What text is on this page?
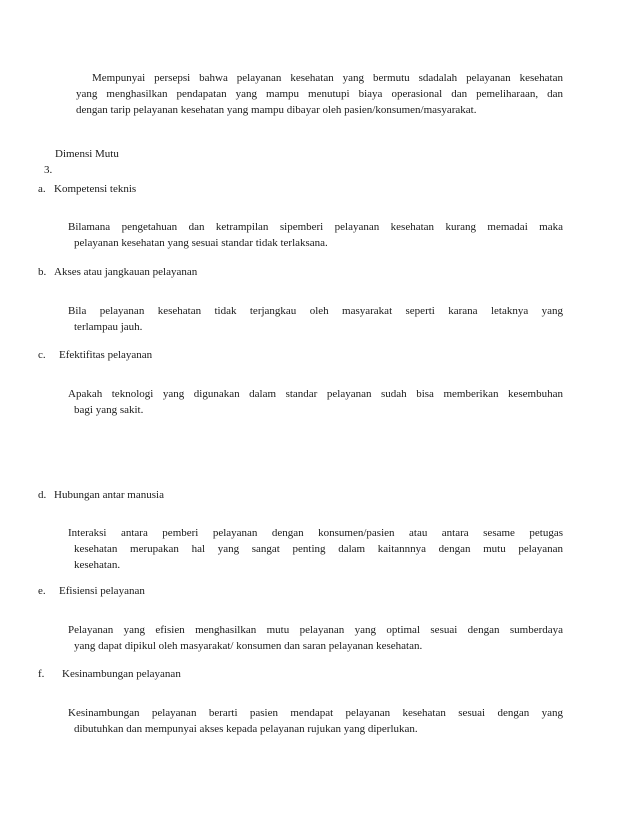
Mempunyai persepsi bahwa pelayanan kesehatan yang bermutu sdadalah pelayanan kesehatan
yang menghasilkan pendapatan yang mampu menutupi biaya operasional dan pemeliharaan, dan
dengan tarip pelayanan kesehatan yang mampu dibayar oleh pasien/konsumen/masyarakat.

3.

Dimensi Mutu

a.

Kompetensi teknis

Bilamana pengetahuan dan ketrampilan sipemberi pelayanan kesehatan kurang memadai maka
pelayanan kesehatan yang sesuai standar tidak terlaksana.

b.

Akses atau jangkauan pelayanan

Bila pelayanan kesehatan tidak terjangkau oleh masyarakat seperti karana letaknya yang
terlampau jauh.

c.

Efektifitas pelayanan

Apakah teknologi yang digunakan dalam standar pelayanan sudah bisa memberikan kesembuhan
bagi yang sakit.

d.

Hubungan antar manusia

Interaksi antara pemberi pelayanan dengan konsumen/pasien atau antara sesame petugas
kesehatan merupakan hal yang sangat penting dalam kaitannnya dengan mutu pelayanan
kesehatan.

e.

Efisiensi pelayanan

Pelayanan yang efisien menghasilkan mutu pelayanan yang optimal sesuai dengan sumberdaya
yang dapat dipikul oleh masyarakat/ konsumen dan saran pelayanan kesehatan.

f.

Kesinambungan pelayanan

Kesinambungan pelayanan berarti pasien mendapat pelayanan kesehatan sesuai dengan yang
dibutuhkan dan mempunyai akses kepada pelayanan rujukan yang diperlukan.
